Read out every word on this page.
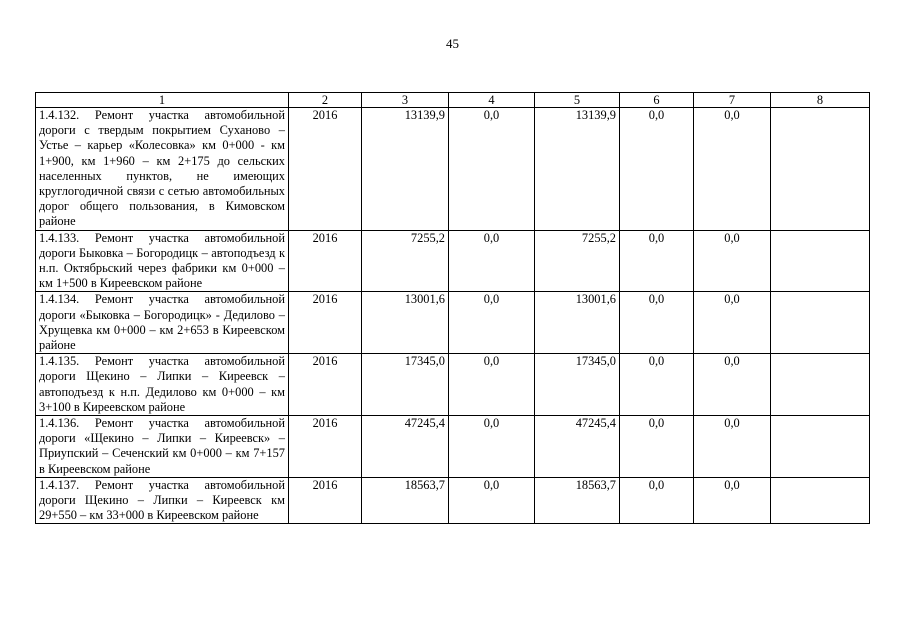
45
1	2	3	4	5	6	7	8
1.4.132. Ремонт участка автомобильной дороги с твердым покрытием Суханово – Устье – карьер «Колесовка» км 0+000 - км 1+900, км 1+960 – км 2+175 до сельских населенных пунктов, не имеющих круглогодичной связи с сетью автомобильных дорог общего пользования, в Кимовском районе	2016	13139,9	0,0	13139,9	0,0	0,0	
1.4.133. Ремонт участка автомобильной дороги Быковка – Богородицк – автоподъезд к н.п. Октябрьский через фабрики км 0+000 – км 1+500 в Киреевском районе	2016	7255,2	0,0	7255,2	0,0	0,0	
1.4.134. Ремонт участка автомобильной дороги «Быковка – Богородицк» - Дедилово – Хрущевка км 0+000 – км 2+653 в Киреевском районе	2016	13001,6	0,0	13001,6	0,0	0,0	
1.4.135. Ремонт участка автомобильной дороги Щекино – Липки – Киреевск – автоподъезд к н.п. Дедилово км 0+000 – км 3+100 в Киреевском районе	2016	17345,0	0,0	17345,0	0,0	0,0	
1.4.136. Ремонт участка автомобильной дороги «Щекино – Липки – Киреевск» – Приупский – Сеченский км 0+000 – км 7+157 в Киреевском районе	2016	47245,4	0,0	47245,4	0,0	0,0	
1.4.137. Ремонт участка автомобильной дороги Щекино – Липки – Киреевск км 29+550 – км 33+000 в Киреевском районе	2016	18563,7	0,0	18563,7	0,0	0,0	
